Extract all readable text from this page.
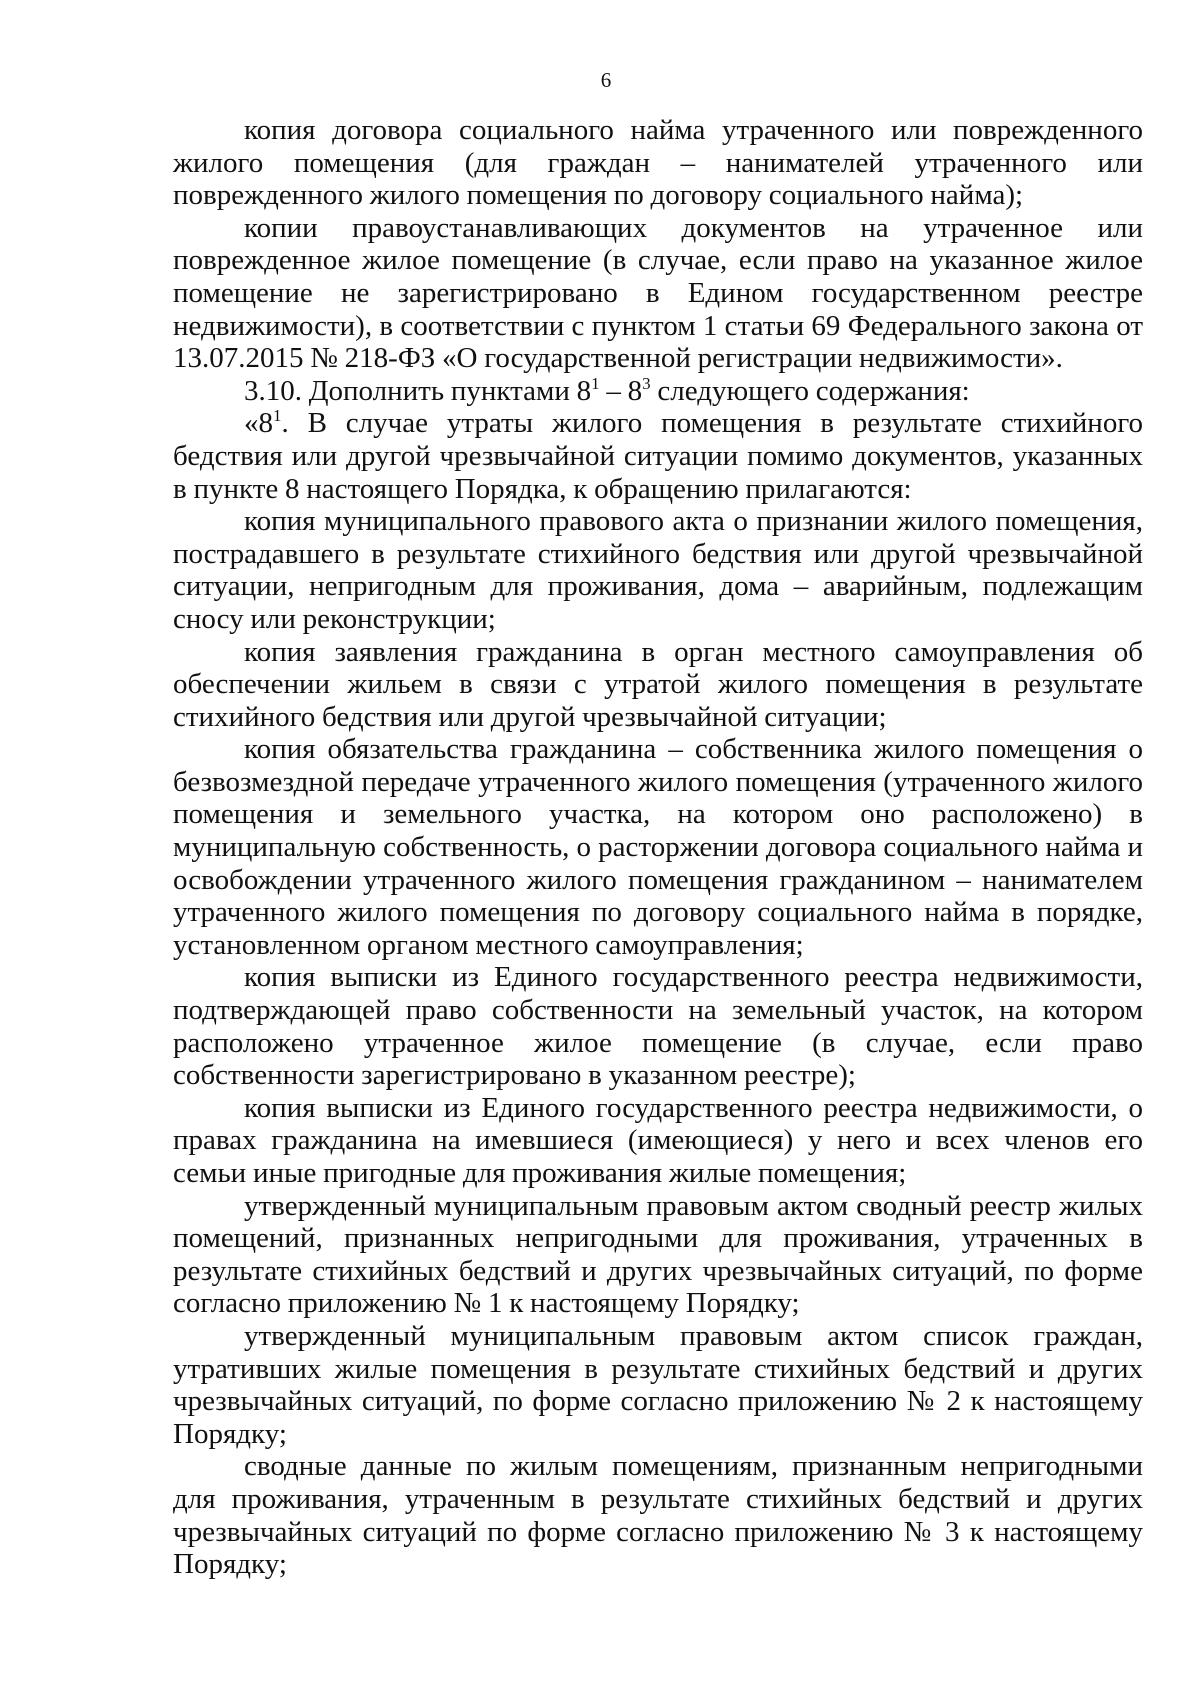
6

копия договора социального найма утраченного или поврежденного жилого помещения (для граждан – нанимателей утраченного или поврежденного жилого помещения по договору социального найма);

копии правоустанавливающих документов на утраченное или поврежденное жилое помещение (в случае, если право на указанное жилое помещение не зарегистрировано в Едином государственном реестре недвижимости), в соответствии с пунктом 1 статьи 69 Федерального закона от 13.07.2015 № 218-ФЗ «О государственной регистрации недвижимости».

3.10. Дополнить пунктами $8^1 - 8^3$ следующего содержания:

«$8^1$. В случае утраты жилого помещения в результате стихийного бедствия или другой чрезвычайной ситуации помимо документов, указанных в пункте 8 настоящего Порядка, к обращению прилагаются:

копия муниципального правового акта о признании жилого помещения, пострадавшего в результате стихийного бедствия или другой чрезвычайной ситуации, непригодным для проживания, дома – аварийным, подлежащим сносу или реконструкции;

копия заявления гражданина в орган местного самоуправления об обеспечении жильем в связи с утратой жилого помещения в результате стихийного бедствия или другой чрезвычайной ситуации;

копия обязательства гражданина – собственника жилого помещения о безвозмездной передаче утраченного жилого помещения (утраченного жилого помещения и земельного участка, на котором оно расположено) в муниципальную собственность, о расторжении договора социального найма и освобождении утраченного жилого помещения гражданином – нанимателем утраченного жилого помещения по договору социального найма в порядке, установленном органом местного самоуправления;

копия выписки из Единого государственного реестра недвижимости, подтверждающей право собственности на земельный участок, на котором расположено утраченное жилое помещение (в случае, если право собственности зарегистрировано в указанном реестре);

копия выписки из Единого государственного реестра недвижимости, о правах гражданина на имевшиеся (имеющиеся) у него и всех членов его семьи иные пригодные для проживания жилые помещения;

утвержденный муниципальным правовым актом сводный реестр жилых помещений, признанных непригодными для проживания, утраченных в результате стихийных бедствий и других чрезвычайных ситуаций, по форме согласно приложению № 1 к настоящему Порядку;

утвержденный муниципальным правовым актом список граждан, утративших жилые помещения в результате стихийных бедствий и других чрезвычайных ситуаций, по форме согласно приложению № 2 к настоящему Порядку;

сводные данные по жилым помещениям, признанным непригодными для проживания, утраченным в результате стихийных бедствий и других чрезвычайных ситуаций по форме согласно приложению № 3 к настоящему Порядку;
